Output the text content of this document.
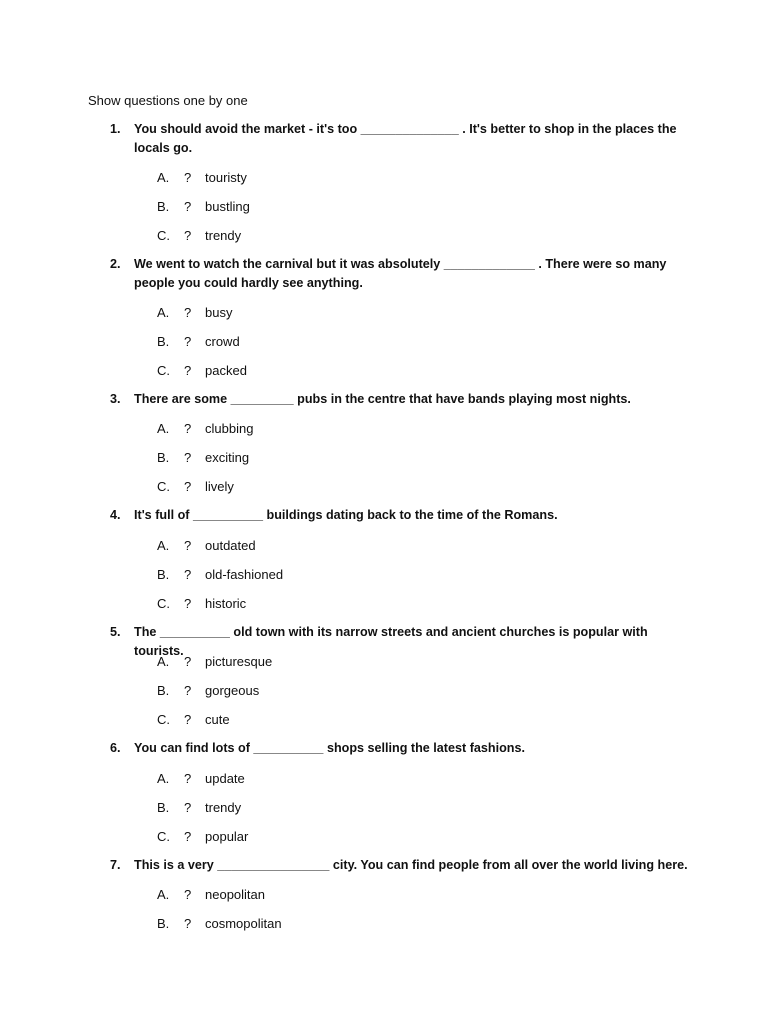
Show questions one by one
1. You should avoid the market - it's too ______________ . It's better to shop in the places the locals go.
A. ? touristy
B. ? bustling
C. ? trendy
2. We went to watch the carnival but it was absolutely _____________ . There were so many people you could hardly see anything.
A. ? busy
B. ? crowd
C. ? packed
3. There are some _________ pubs in the centre that have bands playing most nights.
A. ? clubbing
B. ? exciting
C. ? lively
4. It's full of __________ buildings dating back to the time of the Romans.
A. ? outdated
B. ? old-fashioned
C. ? historic
5. The __________ old town with its narrow streets and ancient churches is popular with tourists.
A. ? picturesque
B. ? gorgeous
C. ? cute
6. You can find lots of __________ shops selling the latest fashions.
A. ? update
B. ? trendy
C. ? popular
7. This is a very ________________ city. You can find people from all over the world living here.
A. ? neopolitan
B. ? cosmopolitan
